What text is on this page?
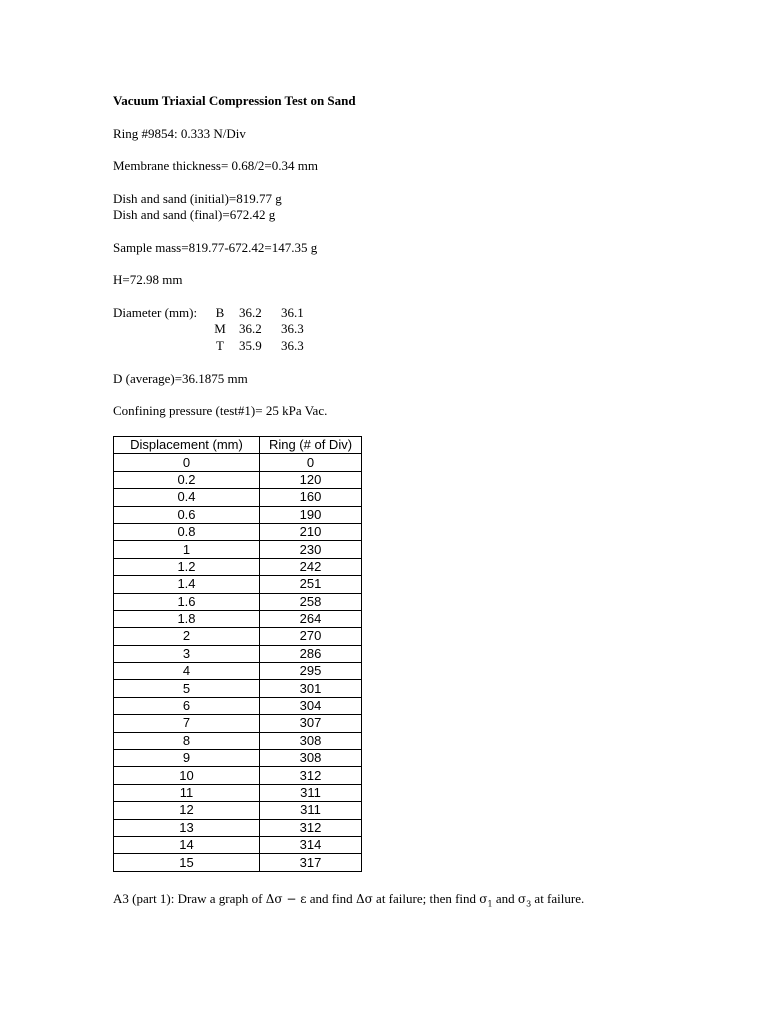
Vacuum Triaxial Compression Test on Sand
Ring #9854: 0.333 N/Div
Membrane thickness= 0.68/2=0.34 mm
Dish and sand (initial)=819.77 g
Dish and sand (final)=672.42 g
Sample mass=819.77-672.42=147.35 g
H=72.98 mm
Diameter (mm): B 36.2	36.1
M 36.2	36.3
T 35.9	36.3
D (average)=36.1875 mm
Confining pressure (test#1)= 25 kPa Vac.
Displacement (mm)	Ring (# of Div)
0	0
0.2	120
0.4	160
0.6	190
0.8	210
1	230
1.2	242
1.4	251
1.6	258
1.8	264
2	270
3	286
4	295
5	301
6	304
7	307
8	308
9	308
10	312
11	311
12	311
13	312
14	314
15	317
A3 (part 1): Draw a graph of Δσ − ε and find Δσ at failure; then find $\sigma_1$ and $\sigma_3$ at failure.
